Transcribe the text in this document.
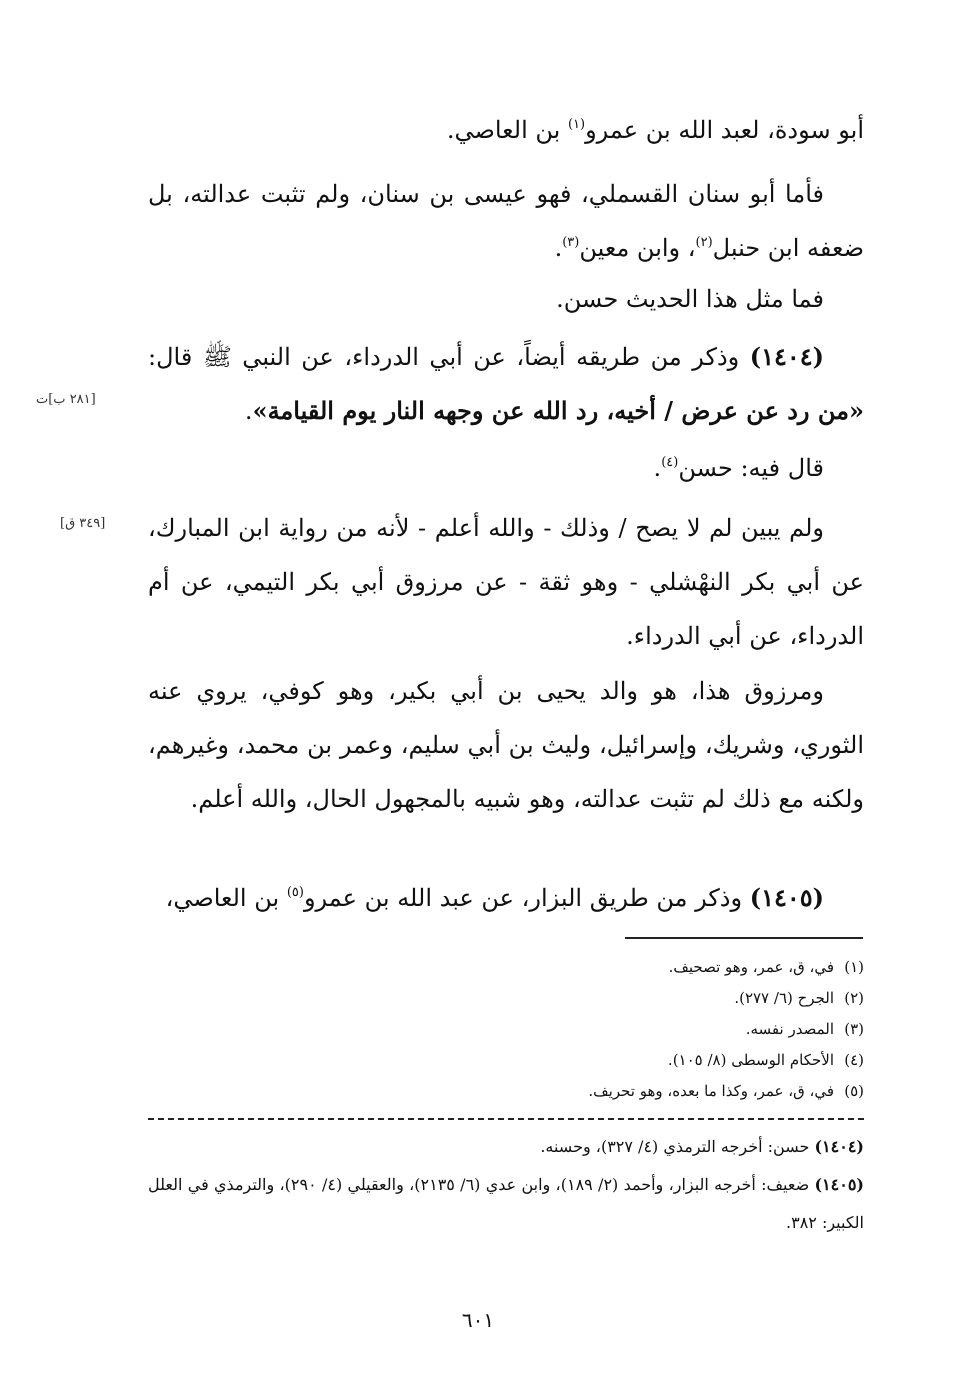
أبو سودة، لعبد الله بن عمرو$^{(١)}$ بن العاصي.
فأما أبو سنان القسملي، فهو عيسى بن سنان، ولم تثبت عدالته، بل ضعفه ابن حنبل$^{(٢)}$، وابن معين$^{(٣)}$.
فما مثل هذا الحديث حسن.
(١٤٠٤) وذكر من طريقه أيضاً، عن أبي الدرداء، عن النبي ﷺ قال: «من رد عن عرض / أخيه، رد الله عن وجهه النار يوم القيامة».
قال فيه: حسن$^{(٤)}$.
ولم يبين لم لا يصح / وذلك - والله أعلم - لأنه من رواية ابن المبارك، عن أبي بكر النهْشلي - وهو ثقة - عن مرزوق أبي بكر التيمي، عن أم الدرداء، عن أبي الدرداء.
ومرزوق هذا، هو والد يحيى بن أبي بكير، وهو كوفي، يروي عنه الثوري، وشريك، وإسرائيل، وليث بن أبي سليم، وعمر بن محمد، وغيرهم، ولكنه مع ذلك لم تثبت عدالته، وهو شبيه بالمجهول الحال، والله أعلم.
(١٤٠٥) وذكر من طريق البزار، عن عبد الله بن عمرو$^{(٥)}$ بن العاصي،
[٢٨١ ب]ت
[٣٤٩ ق]
(١)في، ق، عمر، وهو تصحيف.
(٢)الجرح (٦/ ٢٧٧).
(٣)المصدر نفسه.
(٤)الأحكام الوسطى (٨/ ١٠٥).
(٥)في، ق، عمر، وكذا ما بعده، وهو تحريف.
(١٤٠٤) حسن: أخرجه الترمذي (٤/ ٣٢٧)، وحسنه.
(١٤٠٥) ضعيف: أخرجه البزار، وأحمد (٢/ ١٨٩)، وابن عدي (٦/ ٢١٣٥)، والعقيلي (٤/ ٢٩٠)، والترمذي في العلل الكبير: ٣٨٢.
٦٠١
